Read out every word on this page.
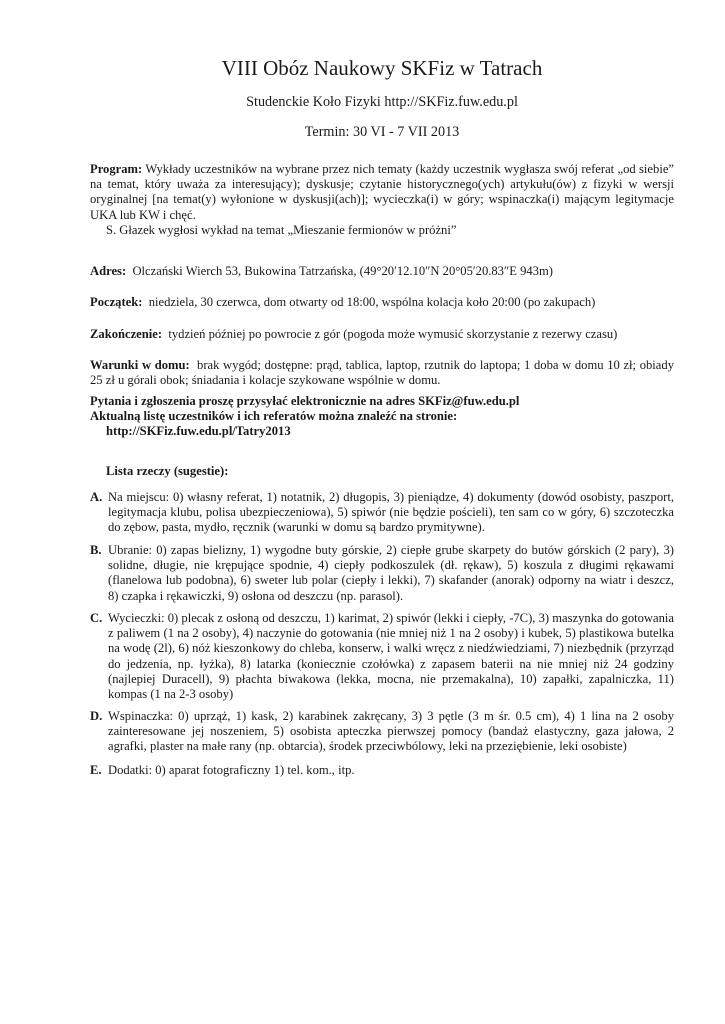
VIII Obóz Naukowy SKFiz w Tatrach
Studenckie Koło Fizyki http://SKFiz.fuw.edu.pl
Termin: 30 VI - 7 VII 2013
Program: Wykłady uczestników na wybrane przez nich tematy (każdy uczestnik wygłasza swój referat „od siebie” na temat, który uważa za interesujący); dyskusje; czytanie historycznego(ych) artykułu(ów) z fizyki w wersji oryginalnej [na temat(y) wyłonione w dyskusji(ach)]; wycieczka(i) w góry; wspinaczka(i) mającym legitymacje UKA lub KW i chęć.
S. Głazek wygłosi wykład na temat „Mieszanie fermionów w próżni”
Adres: Olczański Wierch 53, Bukowina Tatrzańska, (49°20′12.10″N 20°05′20.83″E 943m)
Początek: niedziela, 30 czerwca, dom otwarty od 18:00, wspólna kolacja koło 20:00 (po zakupach)
Zakończenie: tydzień później po powrocie z gór (pogoda może wymusić skorzystanie z rezerwy czasu)
Warunki w domu: brak wygód; dostępne: prąd, tablica, laptop, rzutnik do laptopa; 1 doba w domu 10 zł; obiady 25 zł u górali obok; śniadania i kolacje szykowane wspólnie w domu.
Pytania i zgłoszenia proszę przysyłać elektronicznie na adres SKFiz@fuw.edu.pl
Aktualną listę uczestników i ich referatów można znaleźć na stronie:
http://SKFiz.fuw.edu.pl/Tatry2013
Lista rzeczy (sugestie):
A. Na miejscu: 0) własny referat, 1) notatnik, 2) długopis, 3) pieniądze, 4) dokumenty (dowód osobisty, paszport, legitymacja klubu, polisa ubezpieczeniowa), 5) spiwór (nie będzie pościeli), ten sam co w góry, 6) szczoteczka do zębow, pasta, mydło, ręcznik (warunki w domu są bardzo prymitywne).
B. Ubranie: 0) zapas bielizny, 1) wygodne buty górskie, 2) ciepłe grube skarpety do butów górskich (2 pary), 3) solidne, długie, nie krępujące spodnie, 4) ciepły podkoszulek (dł. rękaw), 5) koszula z długimi rękawami (flanelowa lub podobna), 6) sweter lub polar (ciepły i lekki), 7) skafander (anorak) odporny na wiatr i deszcz, 8) czapka i rękawiczki, 9) osłona od deszczu (np. parasol).
C. Wycieczki: 0) plecak z osłoną od deszczu, 1) karimat, 2) spiwór (lekki i ciepły, -7C), 3) maszynka do gotowania z paliwem (1 na 2 osoby), 4) naczynie do gotowania (nie mniej niż 1 na 2 osoby) i kubek, 5) plastikowa butelka na wodę (2l), 6) nóż kieszonkowy do chleba, konserw, i walki wręcz z niedźwiedziami, 7) niezbędnik (przyrząd do jedzenia, np. łyżka), 8) latarka (koniecznie czołówka) z zapasem baterii na nie mniej niż 24 godziny (najlepiej Duracell), 9) płachta biwakowa (lekka, mocna, nie przemakalna), 10) zapałki, zapalniczka, 11) kompas (1 na 2-3 osoby)
D. Wspinaczka: 0) uprząż, 1) kask, 2) karabinek zakręcany, 3) 3 pętle (3 m śr. 0.5 cm), 4) 1 lina na 2 osoby zainteresowane jej noszeniem, 5) osobista apteczka pierwszej pomocy (bandaż elastyczny, gaza jałowa, 2 agrafki, plaster na małe rany (np. obtarcia), środek przeciwbólowy, leki na przeziębienie, leki osobiste)
E. Dodatki: 0) aparat fotograficzny 1) tel. kom., itp.
